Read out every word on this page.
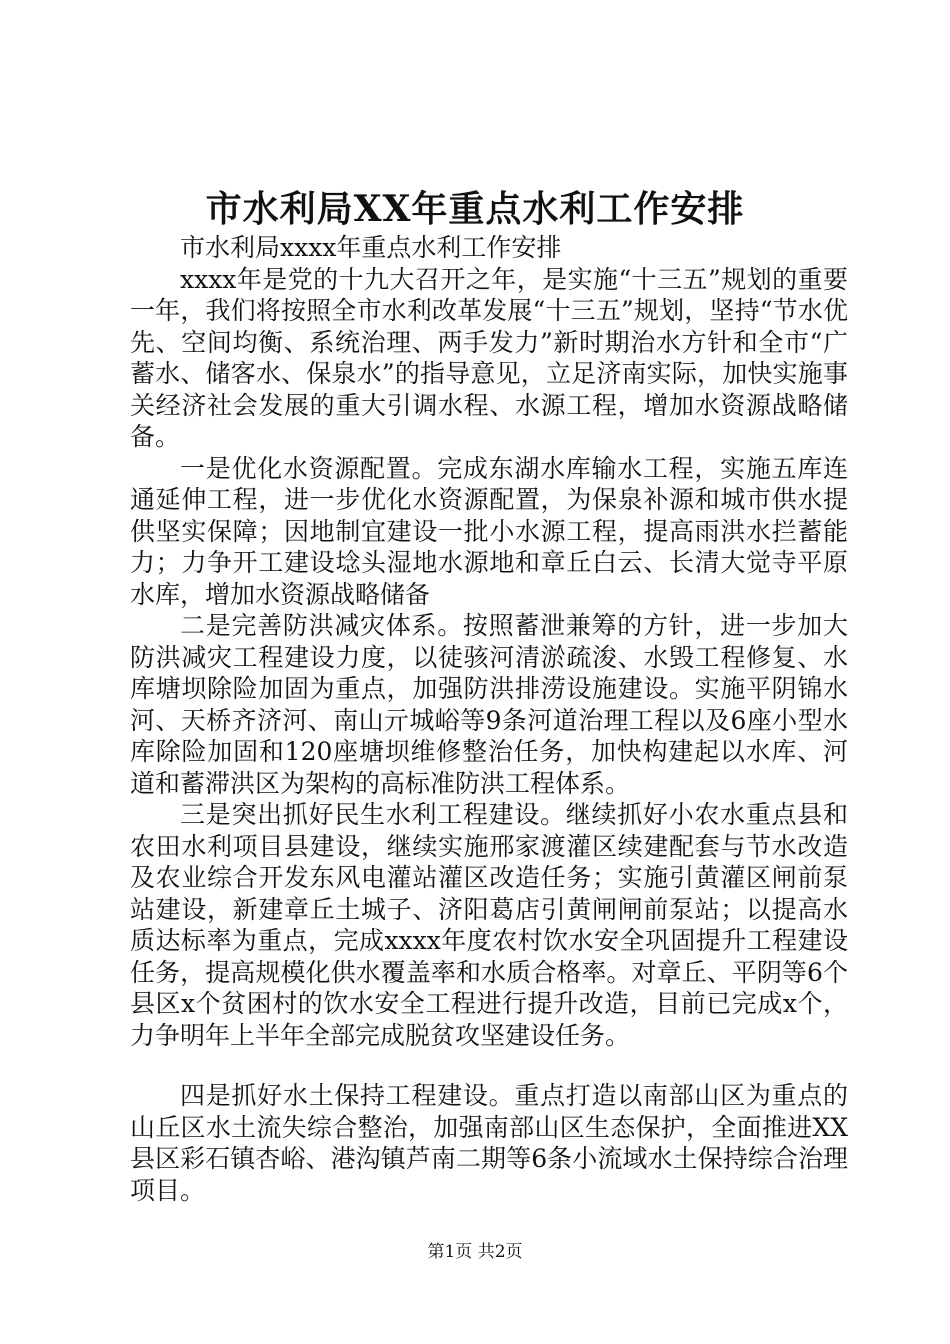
市水利局XX年重点水利工作安排

市水利局xxxx年重点水利工作安排

xxxx年是党的十九大召开之年，是实施“十三五”规划的重要一年，我们将按照全市水利改革发展“十三五”规划，坚持“节水优先、空间均衡、系统治理、两手发力”新时期治水方针和全市“广蓄水、储客水、保泉水”的指导意见，立足济南实际，加快实施事关经济社会发展的重大引调水程、水源工程，增加水资源战略储备。

一是优化水资源配置。完成东湖水库输水工程，实施五库连通延伸工程，进一步优化水资源配置，为保泉补源和城市供水提供坚实保障；因地制宜建设一批小水源工程，提高雨洪水拦蓄能力；力争开工建设埝头湿地水源地和章丘白云、长清大觉寺平原水库，增加水资源战略储备

二是完善防洪减灾体系。按照蓄泄兼筹的方针，进一步加大防洪减灾工程建设力度，以徒骇河清淤疏浚、水毁工程修复、水库塘坝除险加固为重点，加强防洪排涝设施建设。实施平阴锦水河、天桥齐济河、南山亓城峪等9条河道治理工程以及6座小型水库除险加固和120座塘坝维修整治任务，加快构建起以水库、河道和蓄滞洪区为架构的高标准防洪工程体系。

三是突出抓好民生水利工程建设。继续抓好小农水重点县和农田水利项目县建设，继续实施邢家渡灌区续建配套与节水改造及农业综合开发东风电灌站灌区改造任务；实施引黄灌区闸前泵站建设，新建章丘土城子、济阳葛店引黄闸闸前泵站；以提高水质达标率为重点，完成xxxx年度农村饮水安全巩固提升工程建设任务，提高规模化供水覆盖率和水质合格率。对章丘、平阴等6个县区x个贫困村的饮水安全工程进行提升改造，目前已完成x个，力争明年上半年全部完成脱贫攻坚建设任务。

四是抓好水土保持工程建设。重点打造以南部山区为重点的山丘区水土流失综合整治，加强南部山区生态保护，全面推进XX县区彩石镇杏峪、港沟镇芦南二期等6条小流域水土保持综合治理项目。

第1页 共2页
